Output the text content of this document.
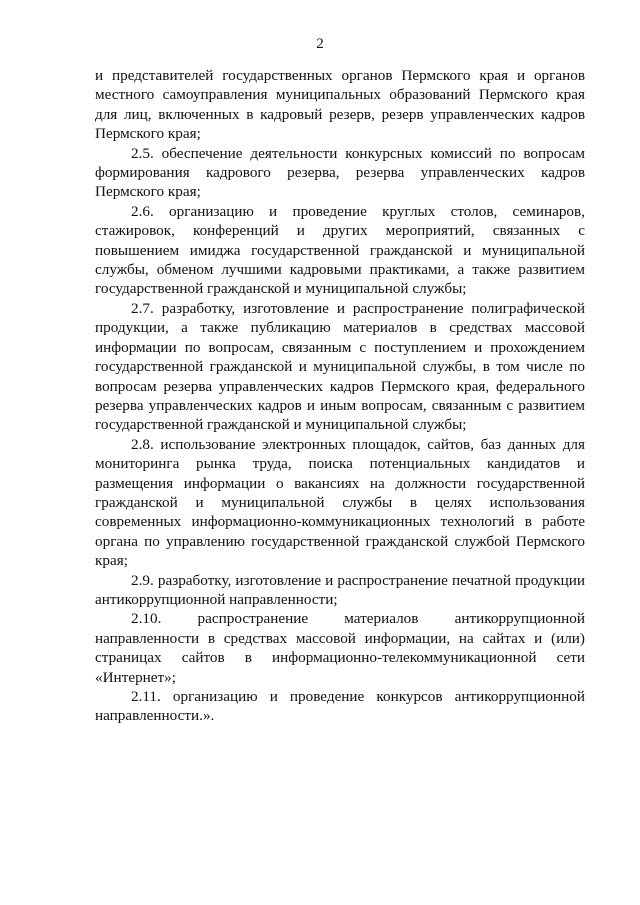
2

и представителей государственных органов Пермского края и органов местного самоуправления муниципальных образований Пермского края для лиц, включенных в кадровый резерв, резерв управленческих кадров Пермского края;

2.5. обеспечение деятельности конкурсных комиссий по вопросам формирования кадрового резерва, резерва управленческих кадров Пермского края;

2.6. организацию и проведение круглых столов, семинаров, стажировок, конференций и других мероприятий, связанных с повышением имиджа государственной гражданской и муниципальной службы, обменом лучшими кадровыми практиками, а также развитием государственной гражданской и муниципальной службы;

2.7. разработку, изготовление и распространение полиграфической продукции, а также публикацию материалов в средствах массовой информации по вопросам, связанным с поступлением и прохождением государственной гражданской и муниципальной службы, в том числе по вопросам резерва управленческих кадров Пермского края, федерального резерва управленческих кадров и иным вопросам, связанным с развитием государственной гражданской и муниципальной службы;

2.8. использование электронных площадок, сайтов, баз данных для мониторинга рынка труда, поиска потенциальных кандидатов и размещения информации о вакансиях на должности государственной гражданской и муниципальной службы в целях использования современных информационно-коммуникационных технологий в работе органа по управлению государственной гражданской службой Пермского края;

2.9. разработку, изготовление и распространение печатной продукции антикоррупционной направленности;

2.10. распространение материалов антикоррупционной направленности в средствах массовой информации, на сайтах и (или) страницах сайтов в информационно-телекоммуникационной сети «Интернет»;

2.11. организацию и проведение конкурсов антикоррупционной направленности.».
